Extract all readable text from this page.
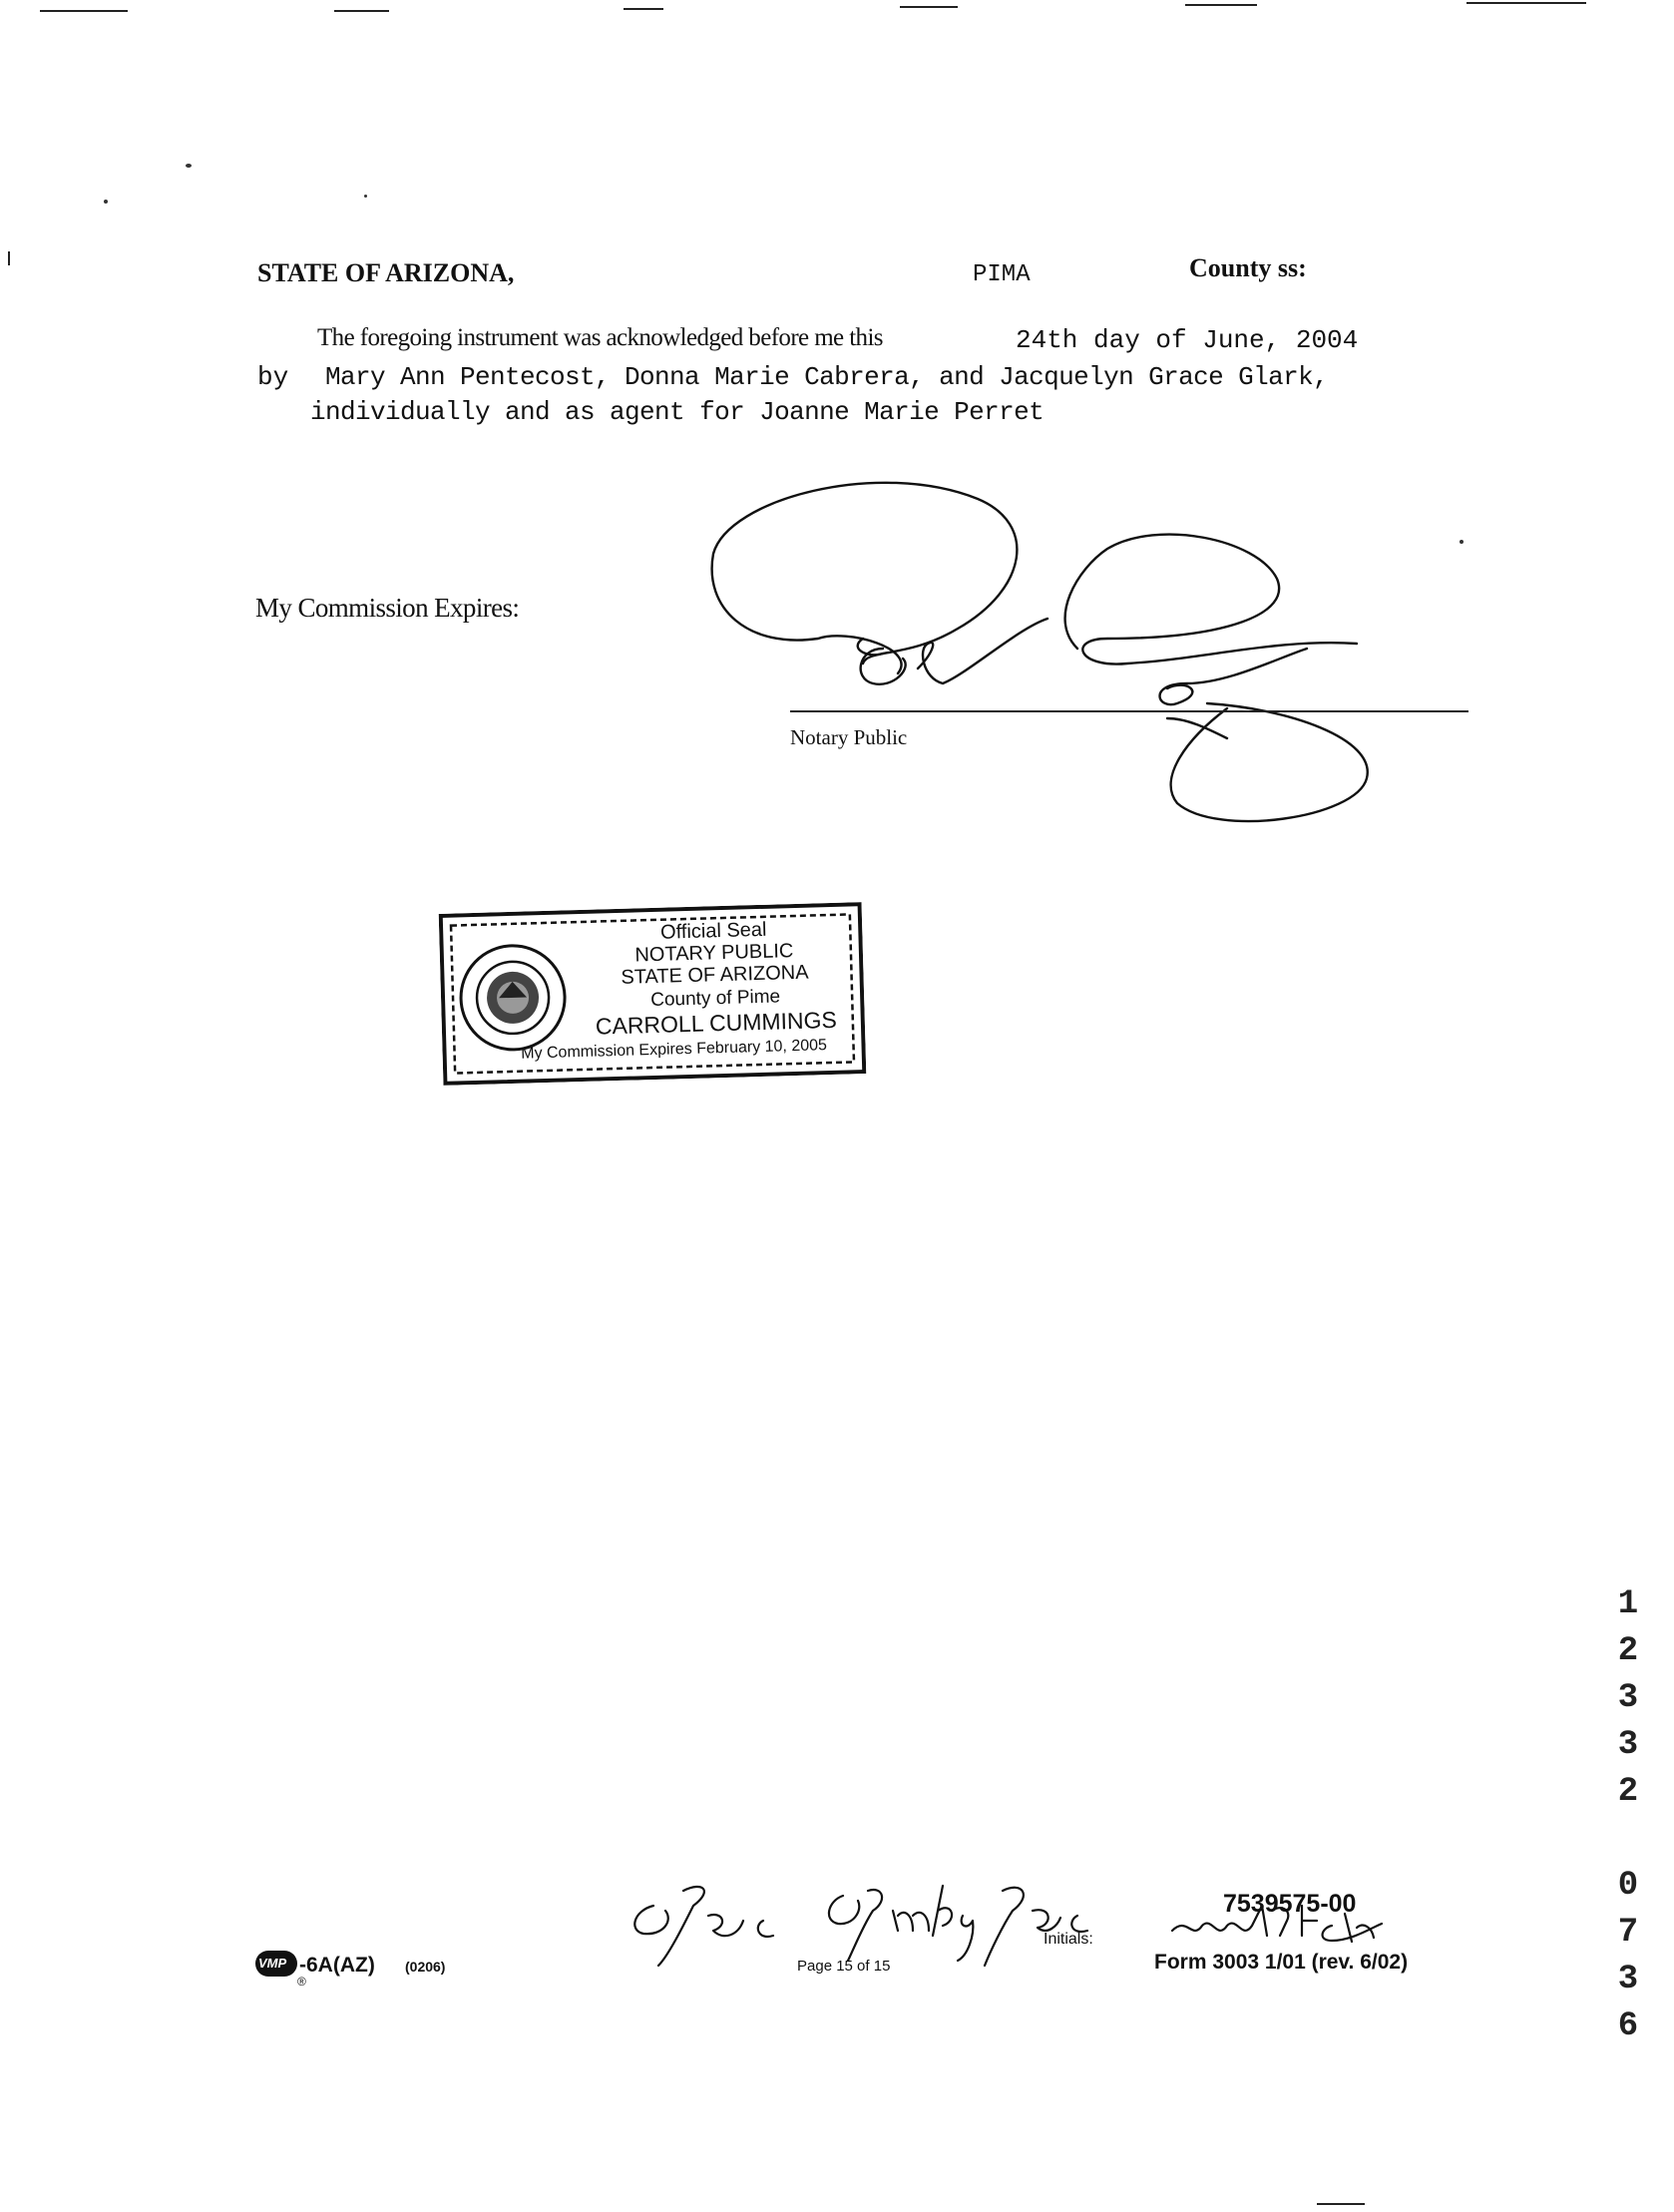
STATE OF ARIZONA,	PIMA	County ss:
The foregoing instrument was acknowledged before me this	24th day of June, 2004
by Mary Ann Pentecost, Donna Marie Cabrera, and Jacquelyn Grace Glark,
individually and as agent for Joanne Marie Perret
My Commission Expires:
Notary Public
Official Seal
NOTARY PUBLIC
STATE OF ARIZONA
County of Pime
CARROLL CUMMINGS
My Commission Expires February 10, 2005
1
2
3
3
2
0
7
3
6
7539575-00
Initials:
Form 3003 1/01 (rev. 6/02)
VMP
®
-6A(AZ) (0206)	Page 15 of 15
